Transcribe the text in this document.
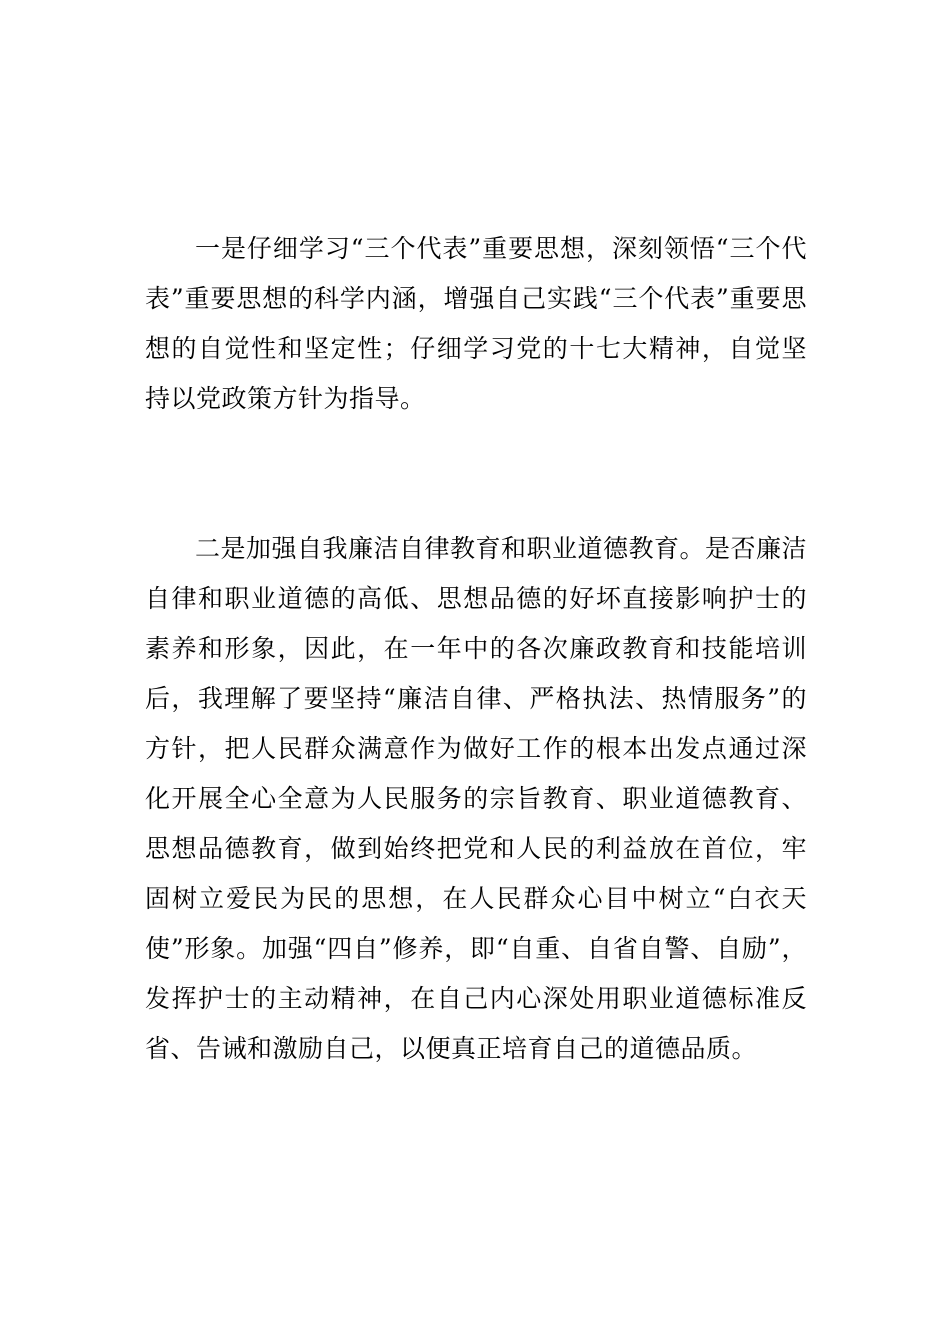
一是仔细学习“三个代表”重要思想，深刻领悟“三个代表”重要思想的科学内涵，增强自己实践“三个代表”重要思想的自觉性和坚定性；仔细学习党的十七大精神，自觉坚持以党政策方针为指导。

二是加强自我廉洁自律教育和职业道德教育。是否廉洁自律和职业道德的高低、思想品德的好坏直接影响护士的素养和形象，因此，在一年中的各次廉政教育和技能培训后，我理解了要坚持“廉洁自律、严格执法、热情服务”的方针，把人民群众满意作为做好工作的根本出发点通过深化开展全心全意为人民服务的宗旨教育、职业道德教育、思想品德教育，做到始终把党和人民的利益放在首位，牢固树立爱民为民的思想，在人民群众心目中树立“白衣天使”形象。加强“四自”修养，即“自重、自省自警、自励”，发挥护士的主动精神，在自己内心深处用职业道德标准反省、告诫和激励自己，以便真正培育自己的道德品质。
